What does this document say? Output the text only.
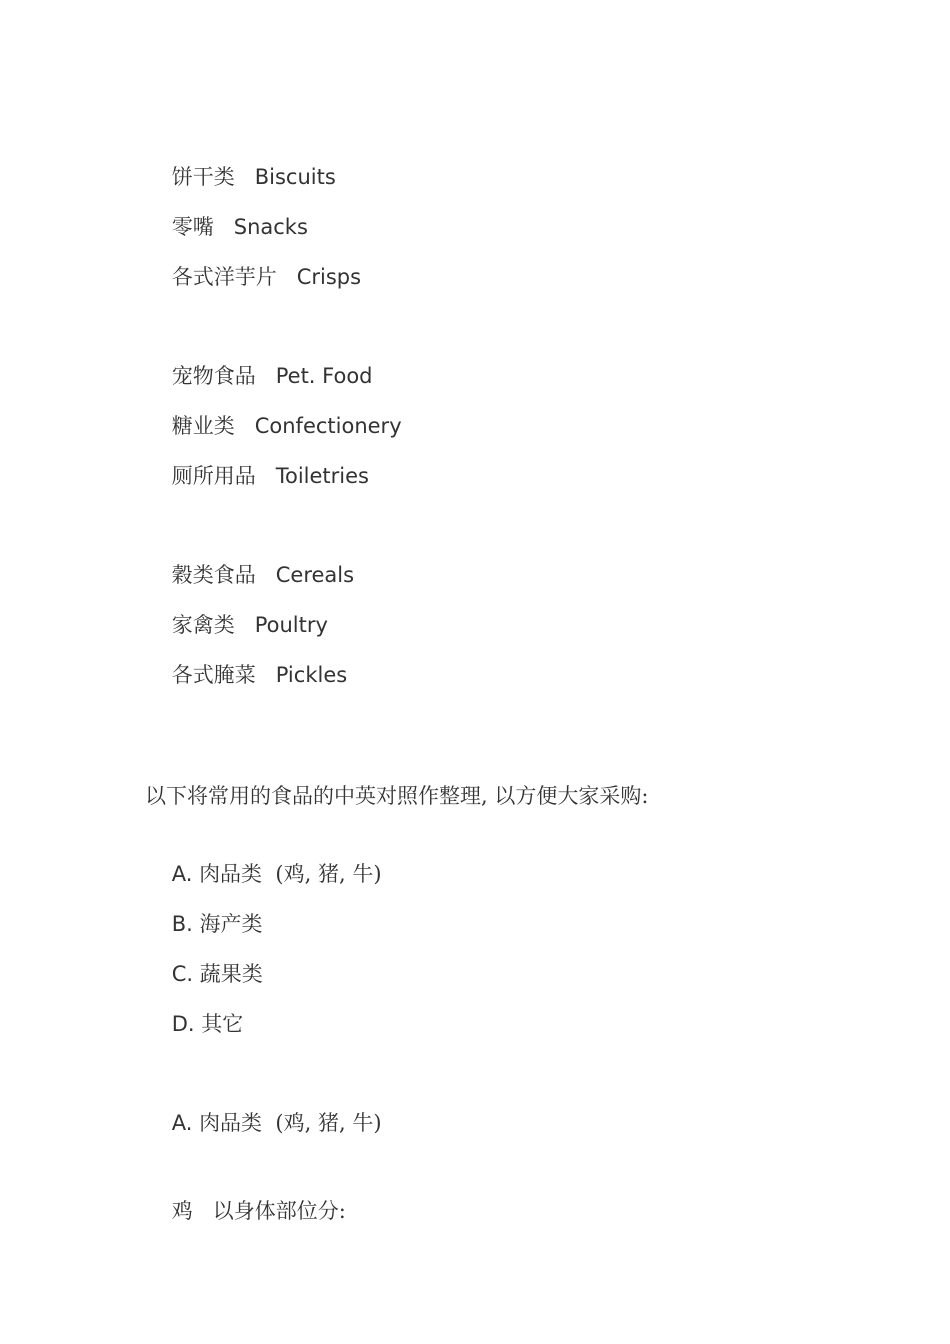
饼干类 Biscuits

零嘴 Snacks

各式洋芋片 Crisps

宠物食品 Pet. Food

糖业类 Confectionery

厕所用品 Toiletries

穀类食品 Cereals

家禽类 Poultry

各式腌菜 Pickles

以下将常用的食品的中英对照作整理, 以方便大家采购:

A. 肉品类 (鸡, 猪, 牛)

B. 海产类

C. 蔬果类

D. 其它

A. 肉品类 (鸡, 猪, 牛)

鸡 以身体部位分:
